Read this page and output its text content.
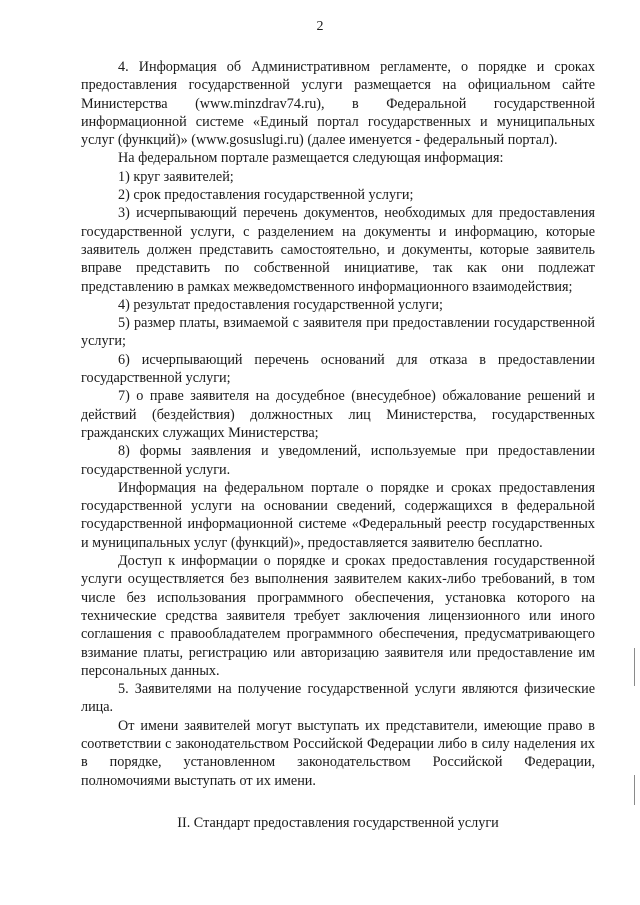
2

4. Информация об Административном регламенте, о порядке и сроках предоставления государственной услуги размещается на официальном сайте Министерства (www.minzdrav74.ru), в Федеральной государственной информационной системе «Единый портал государственных и муниципальных услуг (функций)» (www.gosuslugi.ru) (далее именуется - федеральный портал).

На федеральном портале размещается следующая информация:

1) круг заявителей;

2) срок предоставления государственной услуги;

3) исчерпывающий перечень документов, необходимых для предоставления государственной услуги, с разделением на документы и информацию, которые заявитель должен представить самостоятельно, и документы, которые заявитель вправе представить по собственной инициативе, так как они подлежат представлению в рамках межведомственного информационного взаимодействия;

4) результат предоставления государственной услуги;

5) размер платы, взимаемой с заявителя при предоставлении государственной услуги;

6) исчерпывающий перечень оснований для отказа в предоставлении государственной услуги;

7) о праве заявителя на досудебное (внесудебное) обжалование решений и действий (бездействия) должностных лиц Министерства, государственных гражданских служащих Министерства;

8) формы заявления и уведомлений, используемые при предоставлении государственной услуги.

Информация на федеральном портале о порядке и сроках предоставления государственной услуги на основании сведений, содержащихся в федеральной государственной информационной системе «Федеральный реестр государственных и муниципальных услуг (функций)», предоставляется заявителю бесплатно.

Доступ к информации о порядке и сроках предоставления государственной услуги осуществляется без выполнения заявителем каких-либо требований, в том числе без использования программного обеспечения, установка которого на технические средства заявителя требует заключения лицензионного или иного соглашения с правообладателем программного обеспечения, предусматривающего взимание платы, регистрацию или авторизацию заявителя или предоставление им персональных данных.

5. Заявителями на получение государственной услуги являются физические лица.

От имени заявителей могут выступать их представители, имеющие право в соответствии с законодательством Российской Федерации либо в силу наделения их в порядке, установленном законодательством Российской Федерации, полномочиями выступать от их имени.

II. Стандарт предоставления государственной услуги
